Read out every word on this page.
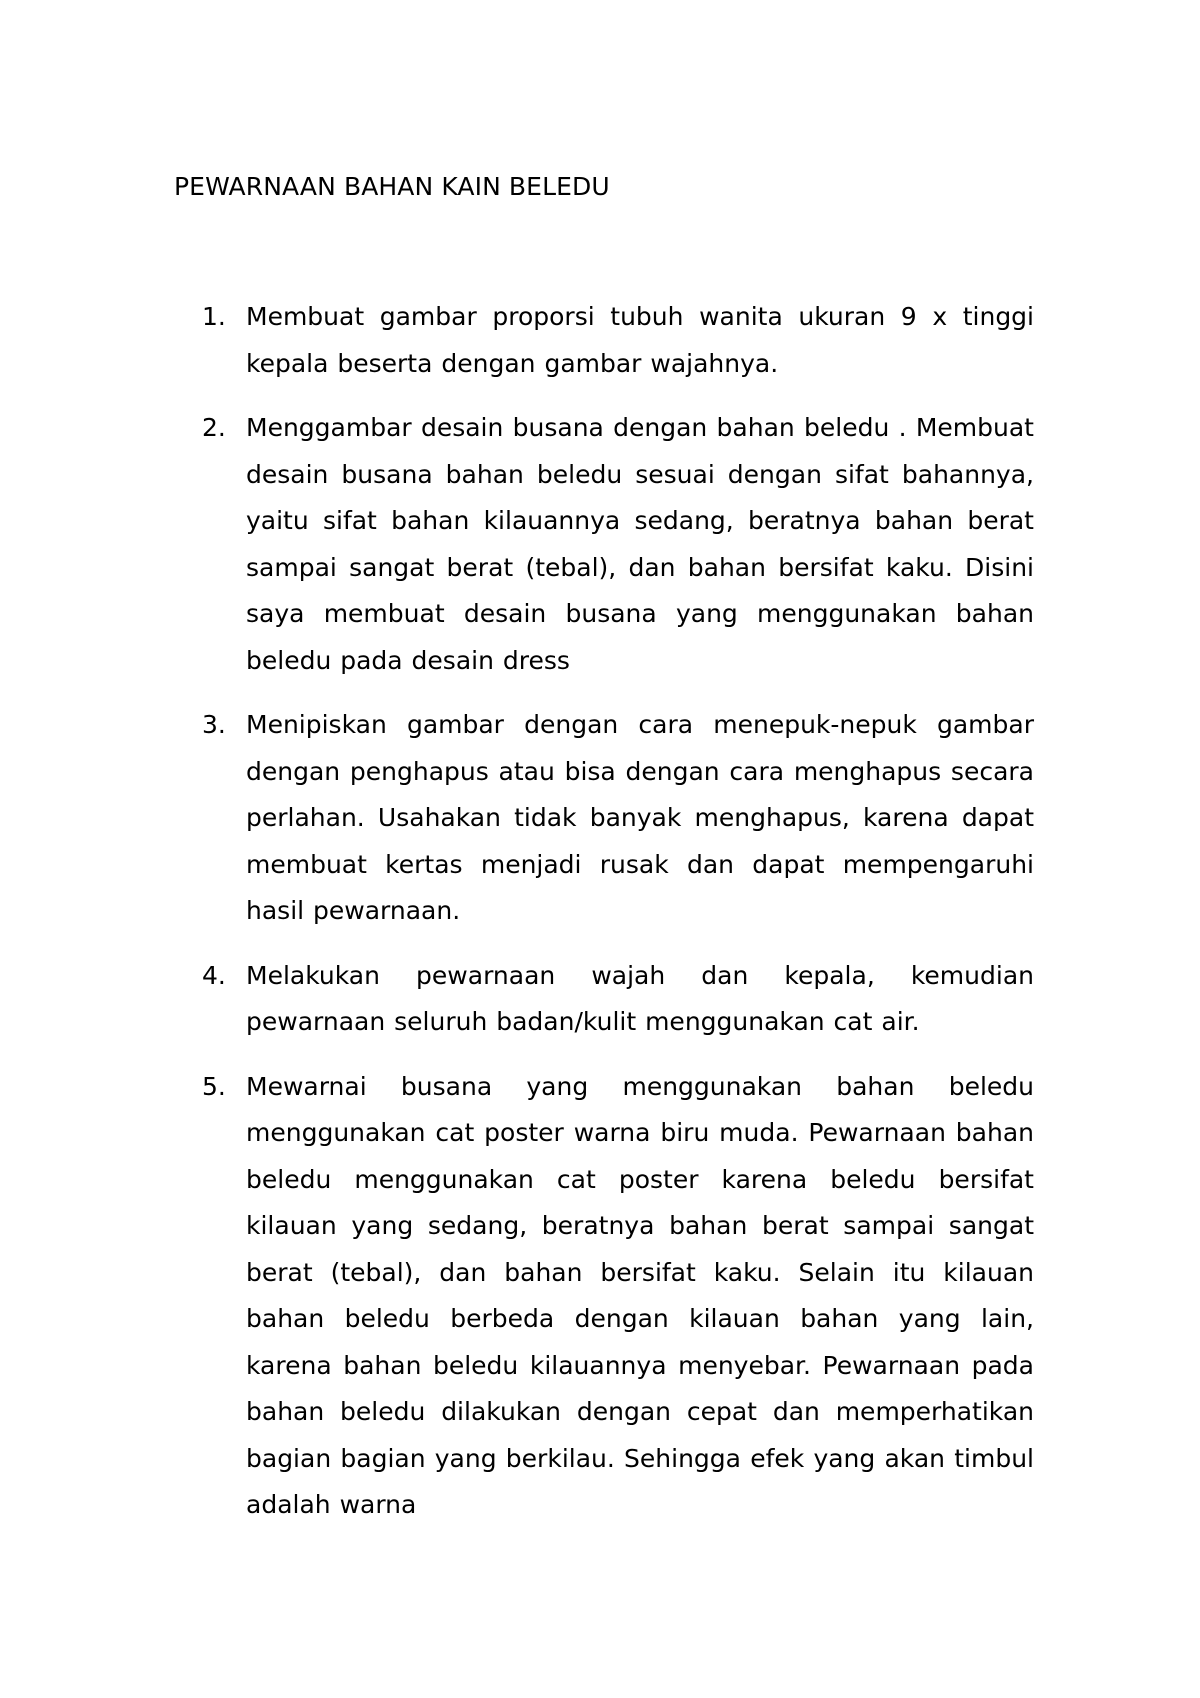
PEWARNAAN BAHAN KAIN BELEDU
1. Membuat gambar proporsi tubuh wanita ukuran 9 x tinggi kepala beserta dengan gambar wajahnya.
2. Menggambar desain busana dengan bahan beledu . Membuat desain busana bahan beledu sesuai dengan sifat bahannya, yaitu sifat bahan kilauannya sedang, beratnya bahan berat sampai sangat berat (tebal), dan bahan bersifat kaku. Disini saya membuat desain busana yang menggunakan bahan beledu pada desain dress
3. Menipiskan gambar dengan cara menepuk-nepuk gambar dengan penghapus atau bisa dengan cara menghapus secara perlahan. Usahakan tidak banyak menghapus, karena dapat membuat kertas menjadi rusak dan dapat mempengaruhi hasil pewarnaan.
4. Melakukan pewarnaan wajah dan kepala, kemudian pewarnaan seluruh badan/kulit menggunakan cat air.
5. Mewarnai busana yang menggunakan bahan beledu menggunakan cat poster warna biru muda. Pewarnaan bahan beledu menggunakan cat poster karena beledu bersifat kilauan yang sedang, beratnya bahan berat sampai sangat berat (tebal), dan bahan bersifat kaku. Selain itu kilauan bahan beledu berbeda dengan kilauan bahan yang lain, karena bahan beledu kilauannya menyebar. Pewarnaan pada bahan beledu dilakukan dengan cepat dan memperhatikan bagian bagian yang berkilau. Sehingga efek yang akan timbul adalah warna
